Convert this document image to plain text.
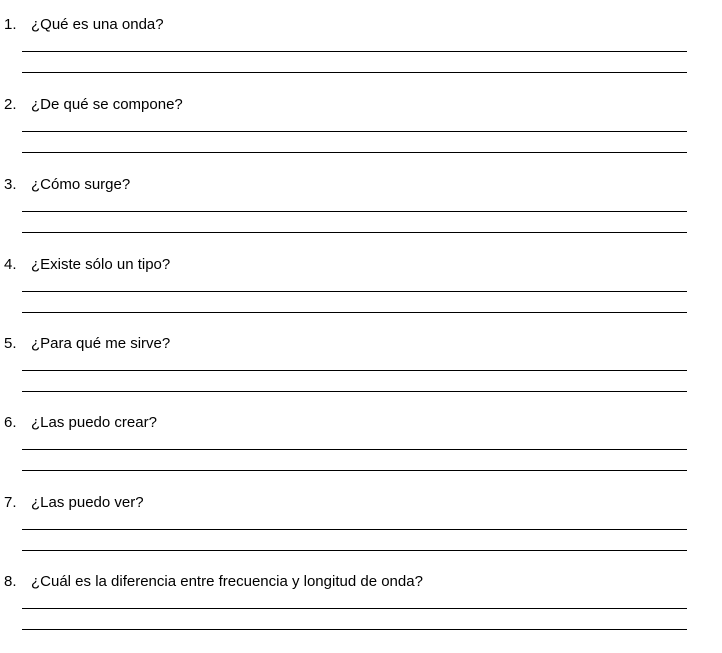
1. ¿Qué es una onda?
2. ¿De qué se compone?
3. ¿Cómo surge?
4. ¿Existe sólo un tipo?
5. ¿Para qué me sirve?
6. ¿Las puedo crear?
7. ¿Las puedo ver?
8. ¿Cuál es la diferencia entre frecuencia y longitud de onda?
